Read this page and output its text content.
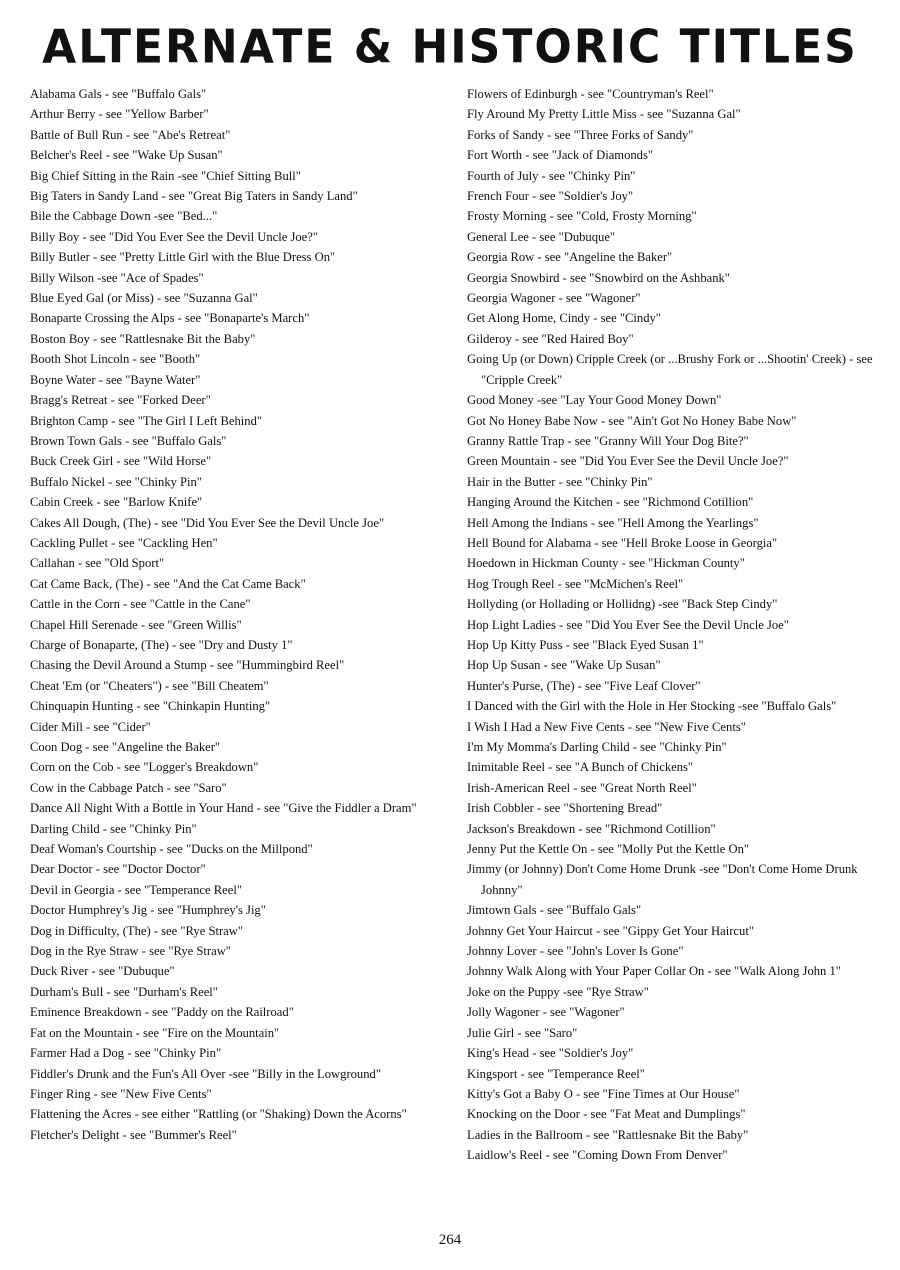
ALTERNATE & HISTORIC TITLES
Alabama Gals - see "Buffalo Gals"
Arthur Berry - see "Yellow Barber"
Battle of Bull Run - see "Abe's Retreat"
Belcher's Reel - see "Wake Up Susan"
Big Chief Sitting in the Rain -see "Chief Sitting Bull"
Big Taters in Sandy Land - see "Great Big Taters in Sandy Land"
Bile the Cabbage Down -see "Bed..."
Billy Boy - see "Did You Ever See the Devil Uncle Joe?"
Billy Butler - see "Pretty Little Girl with the Blue Dress On"
Billy Wilson -see "Ace of Spades"
Blue Eyed Gal (or Miss) - see "Suzanna Gal"
Bonaparte Crossing the Alps - see "Bonaparte's March"
Boston Boy - see "Rattlesnake Bit the Baby"
Booth Shot Lincoln - see "Booth"
Boyne Water - see "Bayne Water"
Bragg's Retreat - see "Forked Deer"
Brighton Camp - see "The Girl I Left Behind"
Brown Town Gals - see "Buffalo Gals"
Buck Creek Girl - see "Wild Horse"
Buffalo Nickel - see "Chinky Pin"
Cabin Creek - see "Barlow Knife"
Cakes All Dough, (The) - see "Did You Ever See the Devil Uncle Joe"
Cackling Pullet - see "Cackling Hen"
Callahan - see "Old Sport"
Cat Came Back, (The) - see "And the Cat Came Back"
Cattle in the Corn - see "Cattle in the Cane"
Chapel Hill Serenade - see "Green Willis"
Charge of Bonaparte, (The) - see "Dry and Dusty 1"
Chasing the Devil Around a Stump - see "Hummingbird Reel"
Cheat 'Em (or "Cheaters") - see "Bill Cheatem"
Chinquapin Hunting - see "Chinkapin Hunting"
Cider Mill - see "Cider"
Coon Dog - see "Angeline the Baker"
Corn on the Cob - see "Logger's Breakdown"
Cow in the Cabbage Patch - see "Saro"
Dance All Night With a Bottle in Your Hand - see "Give the Fiddler a Dram"
Darling Child - see "Chinky Pin"
Deaf Woman's Courtship - see "Ducks on the Millpond"
Dear Doctor - see "Doctor Doctor"
Devil in Georgia - see "Temperance Reel"
Doctor Humphrey's Jig - see "Humphrey's Jig"
Dog in Difficulty, (The) - see "Rye Straw"
Dog in the Rye Straw - see "Rye Straw"
Duck River - see "Dubuque"
Durham's Bull - see "Durham's Reel"
Eminence Breakdown - see "Paddy on the Railroad"
Fat on the Mountain - see "Fire on the Mountain"
Farmer Had a Dog - see "Chinky Pin"
Fiddler's Drunk and the Fun's All Over -see "Billy in the Lowground"
Finger Ring - see "New Five Cents"
Flattening the Acres - see either "Rattling (or "Shaking) Down the Acorns"
Fletcher's Delight - see "Bummer's Reel"
Flowers of Edinburgh - see "Countryman's Reel"
Fly Around My Pretty Little Miss - see "Suzanna Gal"
Forks of Sandy - see "Three Forks of Sandy"
Fort Worth - see "Jack of Diamonds"
Fourth of July - see "Chinky Pin"
French Four - see "Soldier's Joy"
Frosty Morning - see "Cold, Frosty Morning"
General Lee - see "Dubuque"
Georgia Row - see "Angeline the Baker"
Georgia Snowbird - see "Snowbird on the Ashbank"
Georgia Wagoner - see "Wagoner"
Get Along Home, Cindy - see "Cindy"
Gilderoy - see "Red Haired Boy"
Going Up (or Down) Cripple Creek (or ...Brushy Fork or ...Shootin' Creek) - see "Cripple Creek"
Good Money -see "Lay Your Good Money Down"
Got No Honey Babe Now - see "Ain't Got No Honey Babe Now"
Granny Rattle Trap - see "Granny Will Your Dog Bite?"
Green Mountain - see "Did You Ever See the Devil Uncle Joe?"
Hair in the Butter - see "Chinky Pin"
Hanging Around the Kitchen - see "Richmond Cotillion"
Hell Among the Indians - see "Hell Among the Yearlings"
Hell Bound for Alabama - see "Hell Broke Loose in Georgia"
Hoedown in Hickman County - see "Hickman County"
Hog Trough Reel - see "McMichen's Reel"
Hollyding (or Hollading or Hollidng) -see "Back Step Cindy"
Hop Light Ladies - see "Did You Ever See the Devil Uncle Joe"
Hop Up Kitty Puss - see "Black Eyed Susan 1"
Hop Up Susan - see "Wake Up Susan"
Hunter's Purse, (The) - see "Five Leaf Clover"
I Danced with the Girl with the Hole in Her Stocking -see "Buffalo Gals"
I Wish I Had a New Five Cents - see "New Five Cents"
I'm My Momma's Darling Child - see "Chinky Pin"
Inimitable Reel - see "A Bunch of Chickens"
Irish-American Reel - see "Great North Reel"
Irish Cobbler - see "Shortening Bread"
Jackson's Breakdown - see "Richmond Cotillion"
Jenny Put the Kettle On - see "Molly Put the Kettle On"
Jimmy (or Johnny) Don't Come Home Drunk -see "Don't Come Home Drunk Johnny"
Jimtown Gals - see "Buffalo Gals"
Johnny Get Your Haircut - see "Gippy Get Your Haircut"
Johnny Lover - see "John's Lover Is Gone"
Johnny Walk Along with Your Paper Collar On - see "Walk Along John 1"
Joke on the Puppy -see "Rye Straw"
Jolly Wagoner - see "Wagoner"
Julie Girl - see "Saro"
King's Head - see "Soldier's Joy"
Kingsport - see "Temperance Reel"
Kitty's Got a Baby O - see "Fine Times at Our House"
Knocking on the Door - see "Fat Meat and Dumplings"
Ladies in the Ballroom - see "Rattlesnake Bit the Baby"
Laidlow's Reel - see "Coming Down From Denver"
264
